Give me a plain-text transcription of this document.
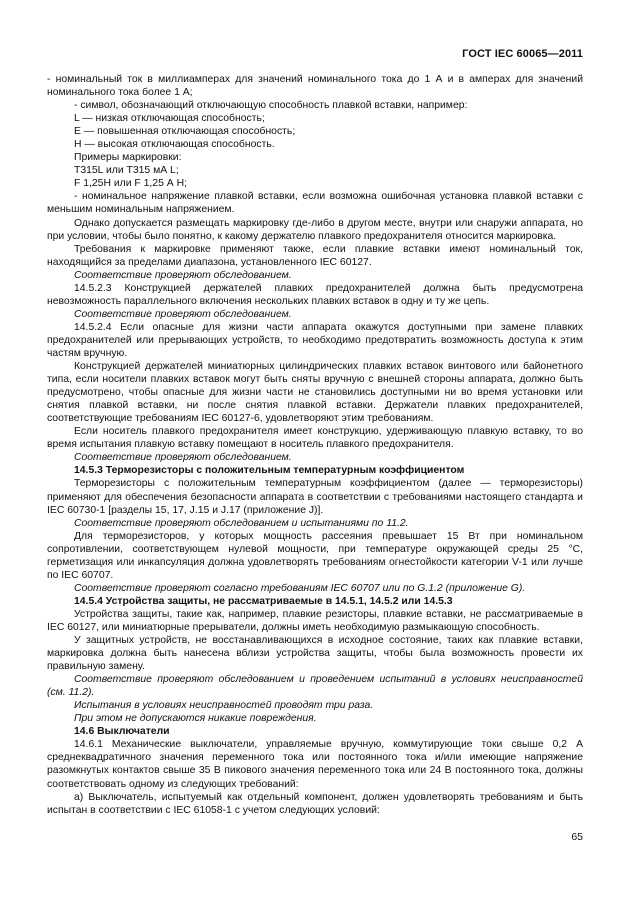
ГОСТ IEC 60065—2011

- номинальный ток в миллиамперах для значений номинального тока до 1 А и в амперах для значений номинального тока более 1 А;

- символ, обозначающий отключающую способность плавкой вставки, например:

L — низкая отключающая способность;

Е — повышенная отключающая способность;

Н — высокая отключающая способность.

Примеры маркировки:

T315L или T315 мА L;

F 1,25H или F 1,25 А Н;

- номинальное напряжение плавкой вставки, если возможна ошибочная установка плавкой вставки с меньшим номинальным напряжением.

Однако допускается размещать маркировку где-либо в другом месте, внутри или снаружи аппарата, но при условии, чтобы было понятно, к какому держателю плавкого предохранителя относится маркировка.

Требования к маркировке применяют также, если плавкие вставки имеют номинальный ток, находящийся за пределами диапазона, установленного IEC 60127.

Соответствие проверяют обследованием.

14.5.2.3 Конструкцией держателей плавких предохранителей должна быть предусмотрена невозможность параллельного включения нескольких плавких вставок в одну и ту же цепь.

Соответствие проверяют обследованием.

14.5.2.4 Если опасные для жизни части аппарата окажутся доступными при замене плавких предохранителей или прерывающих устройств, то необходимо предотвратить возможность доступа к этим частям вручную.

Конструкцией держателей миниатюрных цилиндрических плавких вставок винтового или байонетного типа, если носители плавких вставок могут быть сняты вручную с внешней стороны аппарата, должно быть предусмотрено, чтобы опасные для жизни части не становились доступными ни во время установки или снятия плавкой вставки, ни после снятия плавкой вставки. Держатели плавких предохранителей, соответствующие требованиям IEC 60127-6, удовлетворяют этим требованиям.

Если носитель плавкого предохранителя имеет конструкцию, удерживающую плавкую вставку, то во время испытания плавкую вставку помещают в носитель плавкого предохранителя.

Соответствие проверяют обследованием.

14.5.3 Терморезисторы с положительным температурным коэффициентом

Терморезисторы с положительным температурным коэффициентом (далее — терморезисторы) применяют для обеспечения безопасности аппарата в соответствии с требованиями настоящего стандарта и IEC 60730-1 [разделы 15, 17, J.15 и J.17 (приложение J)].

Соответствие проверяют обследованием и испытаниями по 11.2.

Для терморезисторов, у которых мощность рассеяния превышает 15 Вт при номинальном сопротивлении, соответствующем нулевой мощности, при температуре окружающей среды 25 °С, герметизация или инкапсуляция должна удовлетворять требованиям огнестойкости категории V-1 или лучше по IEC 60707.

Соответствие проверяют согласно требованиям IEC 60707 или по G.1.2 (приложение G).

14.5.4 Устройства защиты, не рассматриваемые в 14.5.1, 14.5.2 или 14.5.3

Устройства защиты, такие как, например, плавкие резисторы, плавкие вставки, не рассматриваемые в IEC 60127, или миниатюрные прерыватели, должны иметь необходимую размыкающую способность.

У защитных устройств, не восстанавливающихся в исходное состояние, таких как плавкие вставки, маркировка должна быть нанесена вблизи устройства защиты, чтобы была возможность провести их правильную замену.

Соответствие проверяют обследованием и проведением испытаний в условиях неисправностей (см. 11.2).

Испытания в условиях неисправностей проводят три раза.

При этом не допускаются никакие повреждения.

14.6 Выключатели

14.6.1 Механические выключатели, управляемые вручную, коммутирующие токи свыше 0,2 А среднеквадратичного значения переменного тока или постоянного тока и/или имеющие напряжение разомкнутых контактов свыше 35 В пикового значения переменного тока или 24 В постоянного тока, должны соответствовать одному из следующих требований:

а) Выключатель, испытуемый как отдельный компонент, должен удовлетворять требованиям и быть испытан в соответствии с IEC 61058-1 с учетом следующих условий:

65
